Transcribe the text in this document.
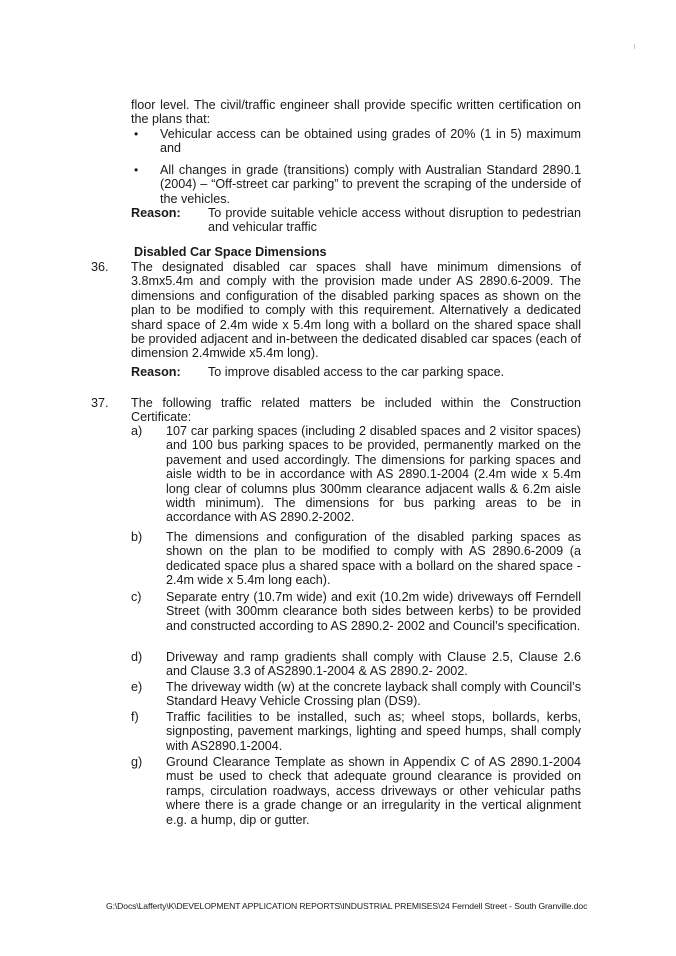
floor level. The civil/traffic engineer shall provide specific written certification on the plans that:

• Vehicular access can be obtained using grades of 20% (1 in 5) maximum and

• All changes in grade (transitions) comply with Australian Standard 2890.1 (2004) – “Off-street car parking” to prevent the scraping of the underside of the vehicles.

Reason: To provide suitable vehicle access without disruption to pedestrian and vehicular traffic

Disabled Car Space Dimensions

36. The designated disabled car spaces shall have minimum dimensions of 3.8mx5.4m and comply with the provision made under AS 2890.6-2009. The dimensions and configuration of the disabled parking spaces as shown on the plan to be modified to comply with this requirement. Alternatively a dedicated shard space of 2.4m wide x 5.4m long with a bollard on the shared space shall be provided adjacent and in-between the dedicated disabled car spaces (each of dimension 2.4mwide x5.4m long).

Reason: To improve disabled access to the car parking space.

37. The following traffic related matters be included within the Construction Certificate:

a) 107 car parking spaces (including 2 disabled spaces and 2 visitor spaces) and 100 bus parking spaces to be provided, permanently marked on the pavement and used accordingly. The dimensions for parking spaces and aisle width to be in accordance with AS 2890.1-2004 (2.4m wide x 5.4m long clear of columns plus 300mm clearance adjacent walls & 6.2m aisle width minimum). The dimensions for bus parking areas to be in accordance with AS 2890.2-2002.

b) The dimensions and configuration of the disabled parking spaces as shown on the plan to be modified to comply with AS 2890.6-2009 (a dedicated space plus a shared space with a bollard on the shared space - 2.4m wide x 5.4m long each).

c) Separate entry (10.7m wide) and exit (10.2m wide) driveways off Ferndell Street (with 300mm clearance both sides between kerbs) to be provided and constructed according to AS 2890.2- 2002 and Council’s specification.

d) Driveway and ramp gradients shall comply with Clause 2.5, Clause 2.6 and Clause 3.3 of AS2890.1-2004 & AS 2890.2- 2002.

e) The driveway width (w) at the concrete layback shall comply with Council’s Standard Heavy Vehicle Crossing plan (DS9).

f) Traffic facilities to be installed, such as; wheel stops, bollards, kerbs, signposting, pavement markings, lighting and speed humps, shall comply with AS2890.1-2004.

g) Ground Clearance Template as shown in Appendix C of AS 2890.1-2004 must be used to check that adequate ground clearance is provided on ramps, circulation roadways, access driveways or other vehicular paths where there is a grade change or an irregularity in the vertical alignment e.g. a hump, dip or gutter.

G:\Docs\Lafferty\K\DEVELOPMENT APPLICATION REPORTS\INDUSTRIAL PREMISES\24 Ferndell Street - South Granville.doc
